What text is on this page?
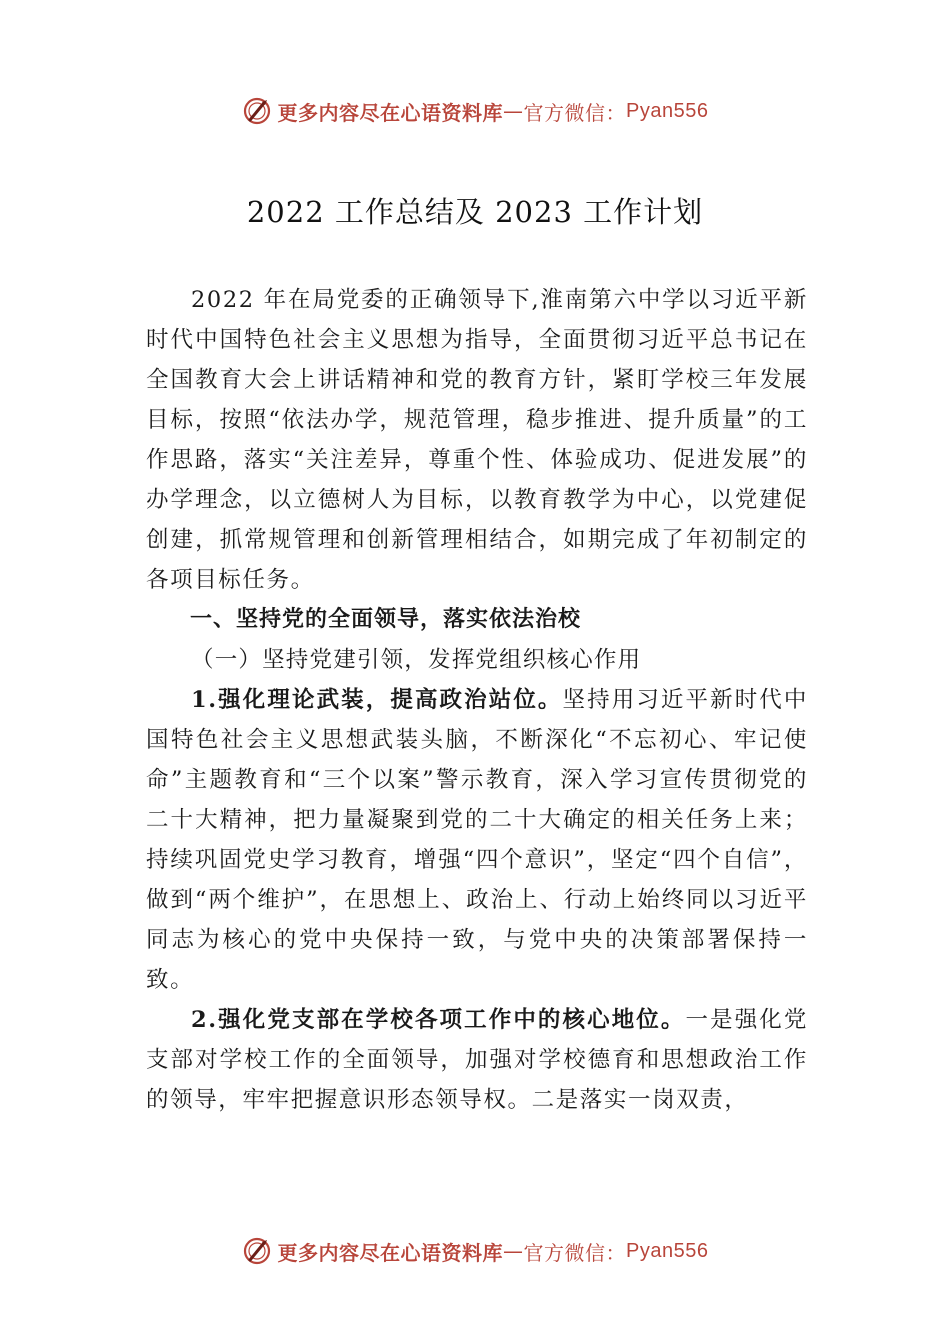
更多内容尽在心语资料库 — 官方微信： Pyan556
2022 工作总结及 2023 工作计划

2022 年在局党委的正确领导下,淮南第六中学以习近平新时代中国特色社会主义思想为指导，全面贯彻习近平总书记在全国教育大会上讲话精神和党的教育方针，紧盯学校三年发展目标，按照“依法办学，规范管理，稳步推进、提升质量”的工作思路，落实“关注差异，尊重个性、体验成功、促进发展”的办学理念，以立德树人为目标，以教育教学为中心，以党建促创建，抓常规管理和创新管理相结合，如期完成了年初制定的各项目标任务。

一、坚持党的全面领导，落实依法治校

（一）坚持党建引领，发挥党组织核心作用

1.强化理论武装，提高政治站位。坚持用习近平新时代中国特色社会主义思想武装头脑，不断深化“不忘初心、牢记使命”主题教育和“三个以案”警示教育，深入学习宣传贯彻党的二十大精神，把力量凝聚到党的二十大确定的相关任务上来；持续巩固党史学习教育，增强“四个意识”，坚定“四个自信”，做到“两个维护”，在思想上、政治上、行动上始终同以习近平同志为核心的党中央保持一致，与党中央的决策部署保持一致。

2.强化党支部在学校各项工作中的核心地位。一是强化党支部对学校工作的全面领导，加强对学校德育和思想政治工作的领导，牢牢把握意识形态领导权。二是落实一岗双责，

更多内容尽在心语资料库 — 官方微信： Pyan556
